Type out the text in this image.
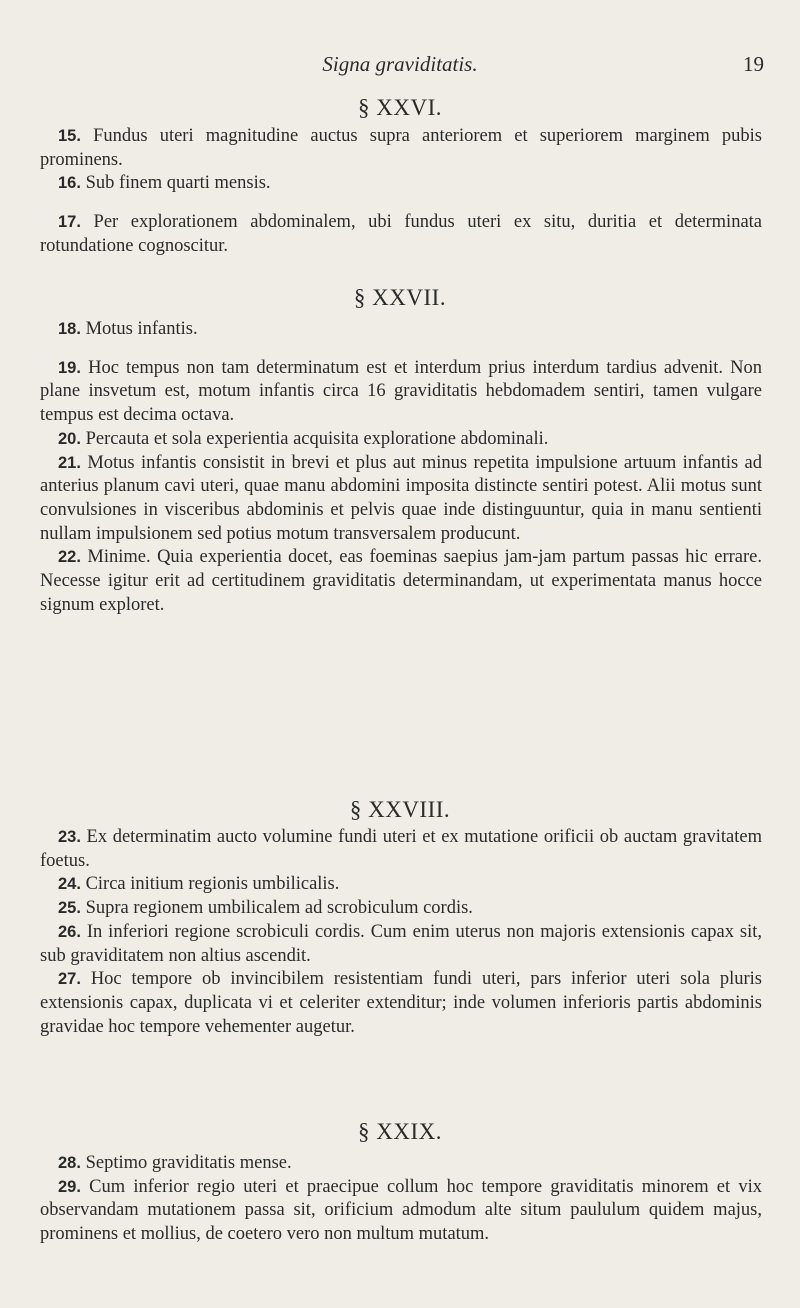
Signa graviditatis.	19
§ XXVI.

15. Fundus uteri magnitudine auctus supra anteriorem et superiorem marginem pubis prominens.

16. Sub finem quarti mensis.

17. Per explorationem abdominalem, ubi fundus uteri ex situ, duritia et determinata rotundatione cognoscitur.

§ XXVII.

18. Motus infantis.

19. Hoc tempus non tam determinatum est et interdum prius interdum tardius advenit. Non plane insvetum est, motum infantis circa 16 graviditatis hebdomadem sentiri, tamen vulgare tempus est decima octava.

20. Percauta et sola experientia acquisita exploratione abdominali.

21. Motus infantis consistit in brevi et plus aut minus repetita impulsione artuum infantis ad anterius planum cavi uteri, quae manu abdomini imposita distincte sentiri potest. Alii motus sunt convulsiones in visceribus abdominis et pelvis quae inde distinguuntur, quia in manu sentienti nullam impulsionem sed potius motum transversalem producunt.

22. Minime. Quia experientia docet, eas foeminas saepius jam-jam partum passas hic errare. Necesse igitur erit ad certitudinem graviditatis determinandam, ut experimentata manus hocce signum exploret.

§ XXVIII.

23. Ex determinatim aucto volumine fundi uteri et ex mutatione orificii ob auctam gravitatem foetus.

24. Circa initium regionis umbilicalis.

25. Supra regionem umbilicalem ad scrobiculum cordis.

26. In inferiori regione scrobiculi cordis. Cum enim uterus non majoris extensionis capax sit, sub graviditatem non altius ascendit.

27. Hoc tempore ob invincibilem resistentiam fundi uteri, pars inferior uteri sola pluris extensionis capax, duplicata vi et celeriter extenditur; inde volumen inferioris partis abdominis gravidae hoc tempore vehementer augetur.

§ XXIX.

28. Septimo graviditatis mense.

29. Cum inferior regio uteri et praecipue collum hoc tempore graviditatis minorem et vix observandam mutationem passa sit, orificium admodum alte situm paululum quidem majus, prominens et mollius, de coetero vero non multum mutatum.
